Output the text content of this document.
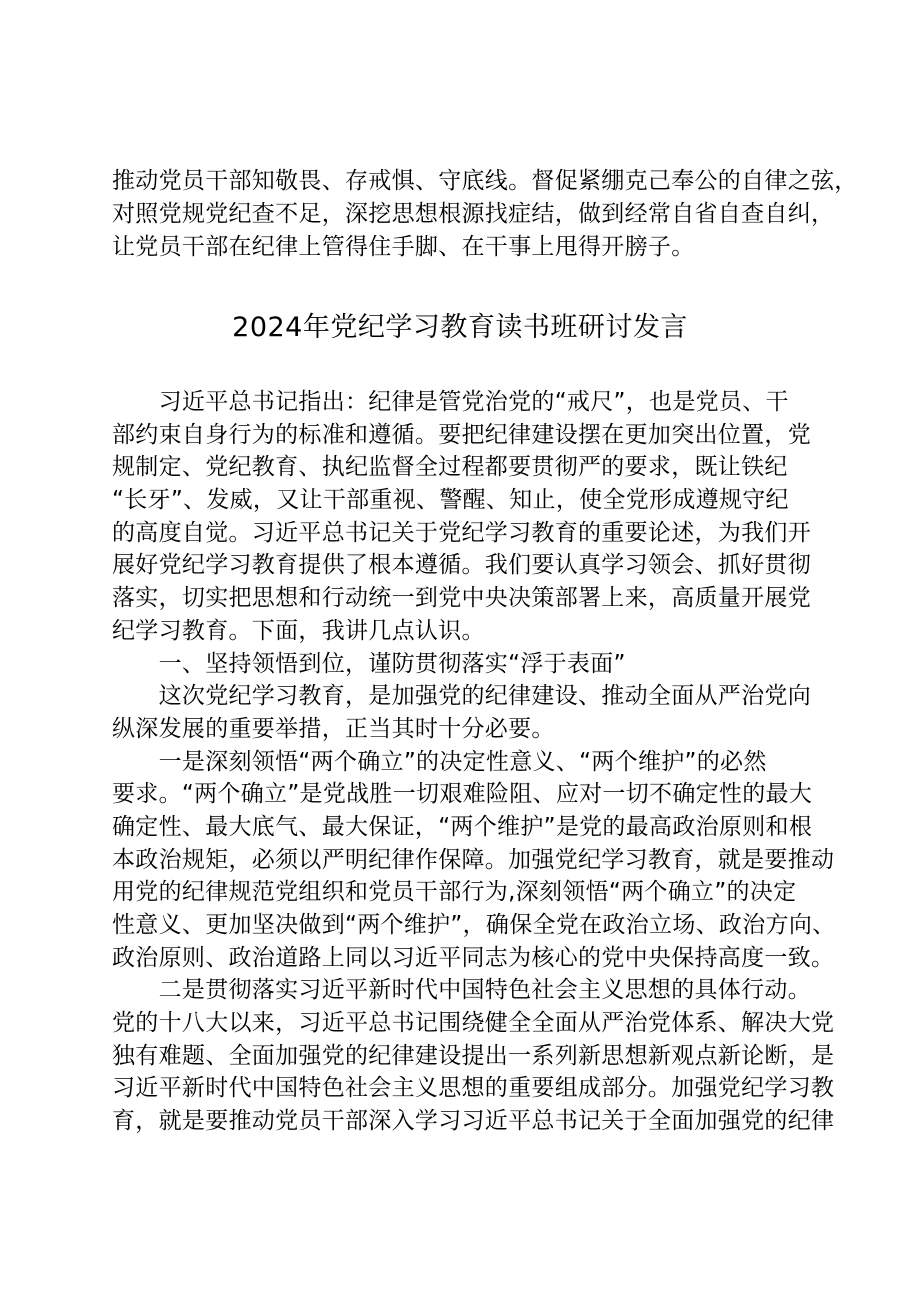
推动党员干部知敬畏、存戒惧、守底线。督促紧绷克己奉公的自律之弦，
对照党规党纪查不足，深挖思想根源找症结，做到经常自省自查自纠，
让党员干部在纪律上管得住手脚、在干事上甩得开膀子。
2024年党纪学习教育读书班研讨发言
　　习近平总书记指出：纪律是管党治党的“戒尺”，也是党员、干
部约束自身行为的标准和遵循。要把纪律建设摆在更加突出位置，党
规制定、党纪教育、执纪监督全过程都要贯彻严的要求，既让铁纪
“长牙”、发威，又让干部重视、警醒、知止，使全党形成遵规守纪
的高度自觉。习近平总书记关于党纪学习教育的重要论述，为我们开
展好党纪学习教育提供了根本遵循。我们要认真学习领会、抓好贯彻
落实，切实把思想和行动统一到党中央决策部署上来，高质量开展党
纪学习教育。下面，我讲几点认识。
　　一、坚持领悟到位，谨防贯彻落实“浮于表面”
　　这次党纪学习教育，是加强党的纪律建设、推动全面从严治党向
纵深发展的重要举措，正当其时十分必要。
　　一是深刻领悟“两个确立”的决定性意义、“两个维护”的必然
要求。“两个确立”是党战胜一切艰难险阻、应对一切不确定性的最大
确定性、最大底气、最大保证，“两个维护”是党的最高政治原则和根
本政治规矩，必须以严明纪律作保障。加强党纪学习教育，就是要推动
用党的纪律规范党组织和党员干部行为,深刻领悟“两个确立”的决定
性意义、更加坚决做到“两个维护”，确保全党在政治立场、政治方向、
政治原则、政治道路上同以习近平同志为核心的党中央保持高度一致。
　　二是贯彻落实习近平新时代中国特色社会主义思想的具体行动。
党的十八大以来，习近平总书记围绕健全全面从严治党体系、解决大党
独有难题、全面加强党的纪律建设提出一系列新思想新观点新论断，是
习近平新时代中国特色社会主义思想的重要组成部分。加强党纪学习教
育，就是要推动党员干部深入学习习近平总书记关于全面加强党的纪律
